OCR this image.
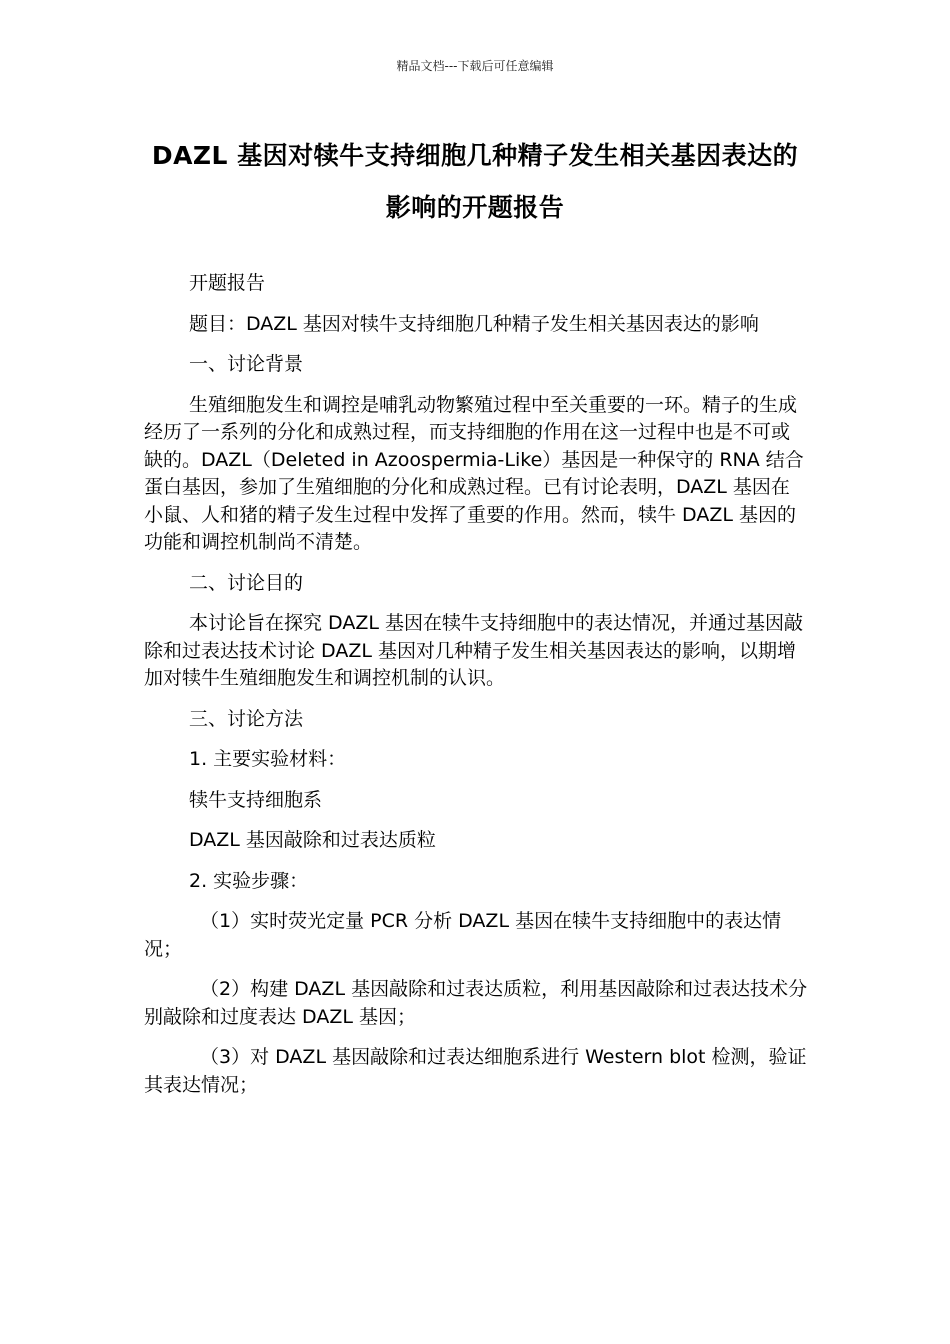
精品文档---下载后可任意编辑
DAZL 基因对犊牛支持细胞几种精子发生相关基因表达的影响的开题报告

开题报告

题目：DAZL 基因对犊牛支持细胞几种精子发生相关基因表达的影响

一、讨论背景

生殖细胞发生和调控是哺乳动物繁殖过程中至关重要的一环。精子的生成经历了一系列的分化和成熟过程，而支持细胞的作用在这一过程中也是不可或缺的。DAZL（Deleted in Azoospermia-Like）基因是一种保守的 RNA 结合蛋白基因，参加了生殖细胞的分化和成熟过程。已有讨论表明，DAZL 基因在小鼠、人和猪的精子发生过程中发挥了重要的作用。然而，犊牛 DAZL 基因的功能和调控机制尚不清楚。

二、讨论目的

本讨论旨在探究 DAZL 基因在犊牛支持细胞中的表达情况，并通过基因敲除和过表达技术讨论 DAZL 基因对几种精子发生相关基因表达的影响，以期增加对犊牛生殖细胞发生和调控机制的认识。

三、讨论方法

1. 主要实验材料：

犊牛支持细胞系

DAZL 基因敲除和过表达质粒

2. 实验步骤：

（1）实时荧光定量 PCR 分析 DAZL 基因在犊牛支持细胞中的表达情况；

（2）构建 DAZL 基因敲除和过表达质粒，利用基因敲除和过表达技术分别敲除和过度表达 DAZL 基因；

（3）对 DAZL 基因敲除和过表达细胞系进行 Western blot 检测，验证其表达情况；
